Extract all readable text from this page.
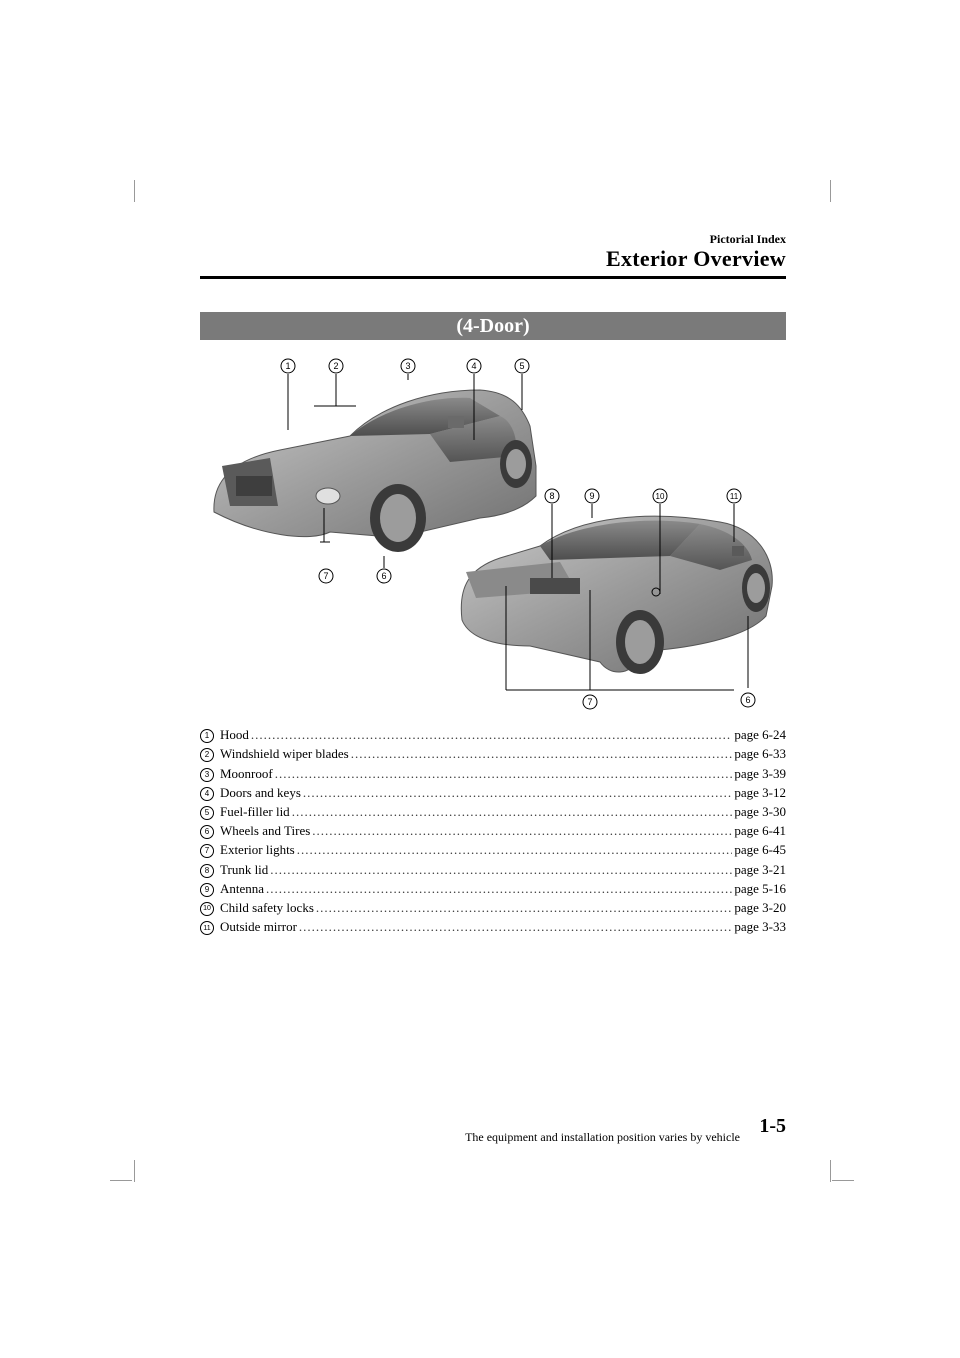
Pictorial Index
Exterior Overview
(4-Door)
1	2	3	4	5
7	6
8	9	10	11
7	6
1 Hood .....	page 6-24
2 Windshield wiper blades .....	page 6-33
3 Moonroof .....	page 3-39
4 Doors and keys .....	page 3-12
5 Fuel-filler lid .....	page 3-30
6 Wheels and Tires .....	page 6-41
7 Exterior lights .....	page 6-45
8 Trunk lid .....	page 3-21
9 Antenna .....	page 5-16
10 Child safety locks .....	page 3-20
11 Outside mirror .....	page 3-33
The equipment and installation position varies by vehicle 1-5
